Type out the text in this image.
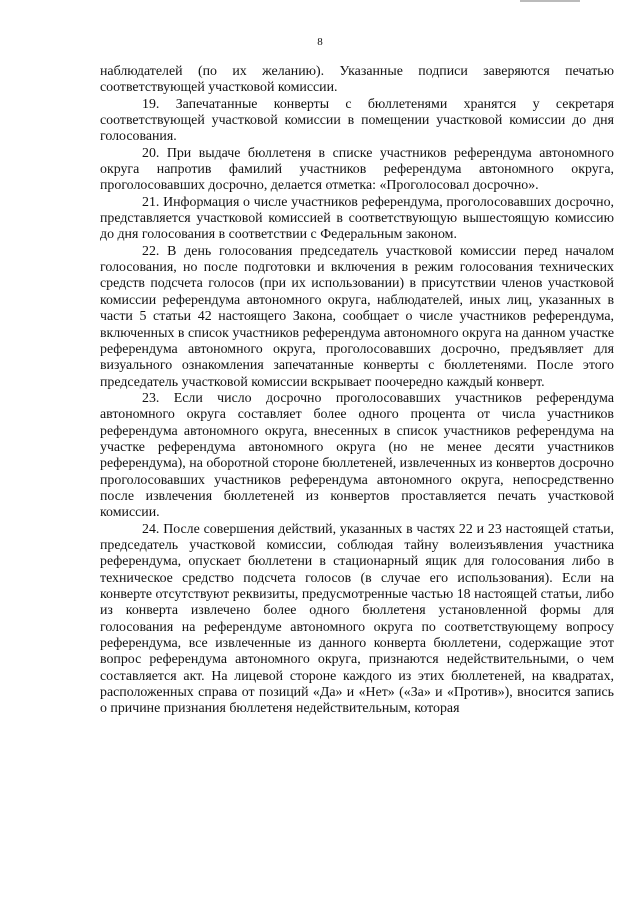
8

наблюдателей (по их желанию). Указанные подписи заверяются печатью соответствующей участковой комиссии.

19. Запечатанные конверты с бюллетенями хранятся у секретаря соответствующей участковой комиссии в помещении участковой комиссии до дня голосования.

20. При выдаче бюллетеня в списке участников референдума автономного округа напротив фамилий участников референдума автономного округа, проголосовавших досрочно, делается отметка: «Проголосовал досрочно».

21. Информация о числе участников референдума, проголосовавших досрочно, представляется участковой комиссией в соответствующую вышестоящую комиссию до дня голосования в соответствии с Федеральным законом.

22. В день голосования председатель участковой комиссии перед началом голосования, но после подготовки и включения в режим голосования технических средств подсчета голосов (при их использовании) в присутствии членов участковой комиссии референдума автономного округа, наблюдателей, иных лиц, указанных в части 5 статьи 42 настоящего Закона, сообщает о числе участников референдума, включенных в список участников референдума автономного округа на данном участке референдума автономного округа, проголосовавших досрочно, предъявляет для визуального ознакомления запечатанные конверты с бюллетенями. После этого председатель участковой комиссии вскрывает поочередно каждый конверт.

23. Если число досрочно проголосовавших участников референдума автономного округа составляет более одного процента от числа участников референдума автономного округа, внесенных в список участников референдума на участке референдума автономного округа (но не менее десяти участников референдума), на оборотной стороне бюллетеней, извлеченных из конвертов досрочно проголосовавших участников референдума автономного округа, непосредственно после извлечения бюллетеней из конвертов проставляется печать участковой комиссии.

24. После совершения действий, указанных в частях 22 и 23 настоящей статьи, председатель участковой комиссии, соблюдая тайну волеизъявления участника референдума, опускает бюллетени в стационарный ящик для голосования либо в техническое средство подсчета голосов (в случае его использования). Если на конверте отсутствуют реквизиты, предусмотренные частью 18 настоящей статьи, либо из конверта извлечено более одного бюллетеня установленной формы для голосования на референдуме автономного округа по соответствующему вопросу референдума, все извлеченные из данного конверта бюллетени, содержащие этот вопрос референдума автономного округа, признаются недействительными, о чем составляется акт. На лицевой стороне каждого из этих бюллетеней, на квадратах, расположенных справа от позиций «Да» и «Нет» («За» и «Против»), вносится запись о причине признания бюллетеня недействительным, которая
